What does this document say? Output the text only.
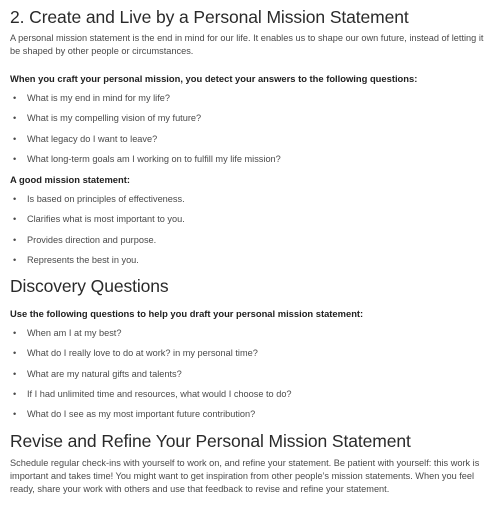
2. Create and Live by a Personal Mission Statement

A personal mission statement is the end in mind for our life. It enables us to shape our own future, instead of letting it be shaped by other people or circumstances.

When you craft your personal mission, you detect your answers to the following questions:

• What is my end in mind for my life?
• What is my compelling vision of my future?
• What legacy do I want to leave?
• What long-term goals am I working on to fulfill my life mission?

A good mission statement:

• Is based on principles of effectiveness.
• Clarifies what is most important to you.
• Provides direction and purpose.
• Represents the best in you.
Discovery Questions

Use the following questions to help you draft your personal mission statement:

• When am I at my best?
• What do I really love to do at work? in my personal time?
• What are my natural gifts and talents?
• If I had unlimited time and resources, what would I choose to do?
• What do I see as my most important future contribution?
Revise and Refine Your Personal Mission Statement

Schedule regular check-ins with yourself to work on, and refine your statement. Be patient with yourself: this work is important and takes time! You might want to get inspiration from other people’s mission statements. When you feel ready, share your work with others and use that feedback to revise and refine your statement.
